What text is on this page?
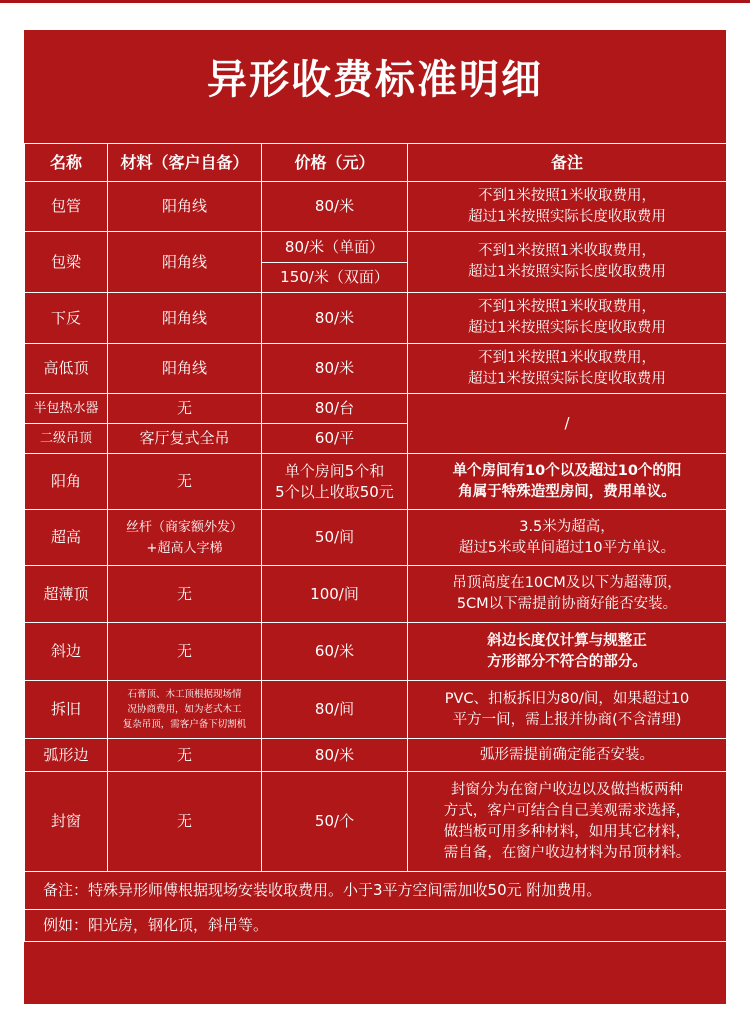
异形收费标准明细
名称	材料（客户自备）	价格（元）	备注
包管	阳角线	80/米	不到1米按照1米收取费用，
超过1米按照实际长度收取费用
包梁	阳角线	80/米（单面）	不到1米按照1米收取费用，
超过1米按照实际长度收取费用
		150/米（双面）	
下反	阳角线	80/米	不到1米按照1米收取费用，
超过1米按照实际长度收取费用
高低顶	阳角线	80/米	不到1米按照1米收取费用，
超过1米按照实际长度收取费用
半包热水器	无	80/台	/
二级吊顶	客厅复式全吊	60/平	
阳角	无	单个房间5个和
5个以上收取50元	单个房间有10个以及超过10个的阳
角属于特殊造型房间，费用单议。
超高	丝杆（商家额外发）
+超高人字梯	50/间	3.5米为超高，
超过5米或单间超过10平方单议。
超薄顶	无	100/间	吊顶高度在10CM及以下为超薄顶，
5CM以下需提前协商好能否安装。
斜边	无	60/米	斜边长度仅计算与规整正
方形部分不符合的部分。
拆旧	石膏顶、木工顶根据现场情
况协商费用，如为老式木工
复杂吊顶，需客户备下切割机	80/间	PVC、扣板拆旧为80/间，如果超过10
平方一间，需上报并协商(不含清理)
弧形边	无	80/米	弧形需提前确定能否安装。
封窗	无	50/个	封窗分为在窗户收边以及做挡板两种
方式，客户可结合自己美观需求选择，
做挡板可用多种材料，如用其它材料，
需自备，在窗户收边材料为吊顶材料。
备注：特殊异形师傅根据现场安装收取费用。小于3平方空间需加收50元 附加费用。			
例如：阳光房，钢化顶，斜吊等。			
